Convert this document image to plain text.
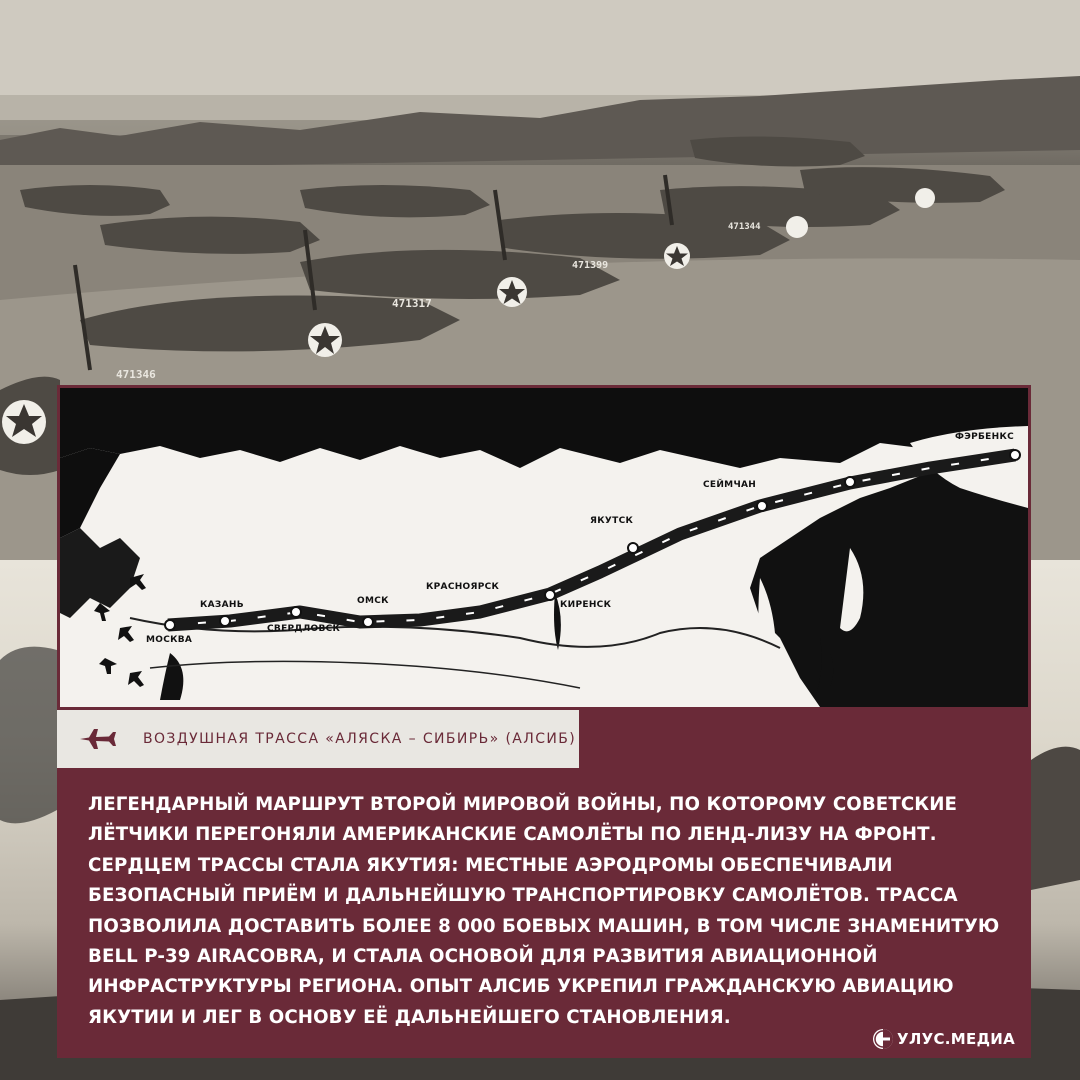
471317
471346
471399
471344
МОСКВА
КАЗАНЬ
СВЕРДЛОВСК
ОМСК
КРАСНОЯРСК
КИРЕНСК
ЯКУТСК
СЕЙМЧАН
ФЭРБЕНКС
ВОЗДУШНАЯ ТРАССА «АЛЯСКА – СИБИРЬ» (АЛСИБ)
ЛЕГЕНДАРНЫЙ МАРШРУТ ВТОРОЙ МИРОВОЙ ВОЙНЫ, ПО КОТОРОМУ СОВЕТСКИЕ
ЛЁТЧИКИ ПЕРЕГОНЯЛИ АМЕРИКАНСКИЕ САМОЛЁТЫ ПО ЛЕНД-ЛИЗУ НА ФРОНТ.
СЕРДЦЕМ ТРАССЫ СТАЛА ЯКУТИЯ: МЕСТНЫЕ АЭРОДРОМЫ ОБЕСПЕЧИВАЛИ
БЕЗОПАСНЫЙ ПРИЁМ И ДАЛЬНЕЙШУЮ ТРАНСПОРТИРОВКУ САМОЛЁТОВ. ТРАССА
ПОЗВОЛИЛА ДОСТАВИТЬ БОЛЕЕ 8 000 БОЕВЫХ МАШИН, В ТОМ ЧИСЛЕ ЗНАМЕНИТУЮ
BELL P-39 AIRACOBRA, И СТАЛА ОСНОВОЙ ДЛЯ РАЗВИТИЯ АВИАЦИОННОЙ
ИНФРАСТРУКТУРЫ РЕГИОНА. ОПЫТ АЛСИБ УКРЕПИЛ ГРАЖДАНСКУЮ АВИАЦИЮ
ЯКУТИИ И ЛЕГ В ОСНОВУ ЕЁ ДАЛЬНЕЙШЕГО СТАНОВЛЕНИЯ.
УЛУС.МЕДИА
